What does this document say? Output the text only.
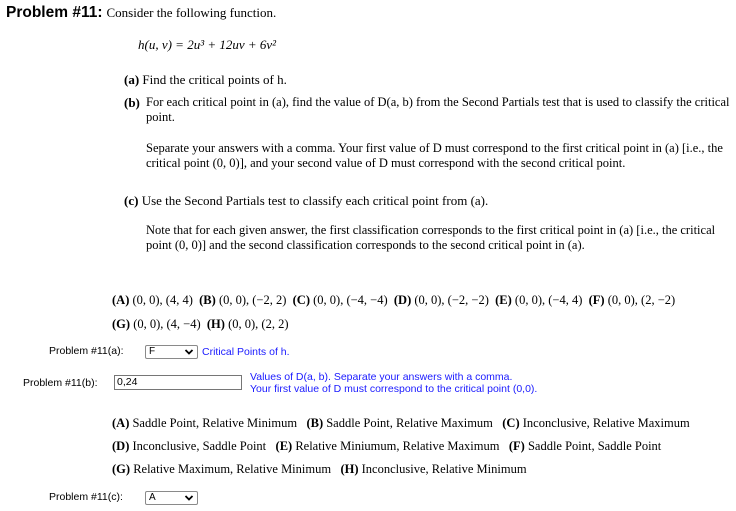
Problem #11: Consider the following function.
h(u, v) = 2u³ + 12uv + 6v²
(a) Find the critical points of h.
(b) For each critical point in (a), find the value of D(a, b) from the Second Partials test that is used to classify the critical point.
Separate your answers with a comma. Your first value of D must correspond to the first critical point in (a) [i.e., the critical point (0, 0)], and your second value of D must correspond with the second critical point.
(c) Use the Second Partials test to classify each critical point from (a).
Note that for each given answer, the first classification corresponds to the first critical point in (a) [i.e., the critical point (0, 0)] and the second classification corresponds to the second critical point in (a).
(A) (0, 0), (4, 4) (B) (0, 0), (−2, 2) (C) (0, 0), (−4, −4) (D) (0, 0), (−2, −2) (E) (0, 0), (−4, 4) (F) (0, 0), (2, −2)
(G) (0, 0), (4, −4) (H) (0, 0), (2, 2)
Problem #11(a):	F	Critical Points of h.
Problem #11(b): 0,24	Values of D(a, b). Separate your answers with a comma.
Your first value of D must correspond to the critical point (0,0).
(A) Saddle Point, Relative Minimum (B) Saddle Point, Relative Maximum (C) Inconclusive, Relative Maximum
(D) Inconclusive, Saddle Point (E) Relative Miniumum, Relative Maximum (F) Saddle Point, Saddle Point
(G) Relative Maximum, Relative Minimum (H) Inconclusive, Relative Minimum
Problem #11(c):	A
